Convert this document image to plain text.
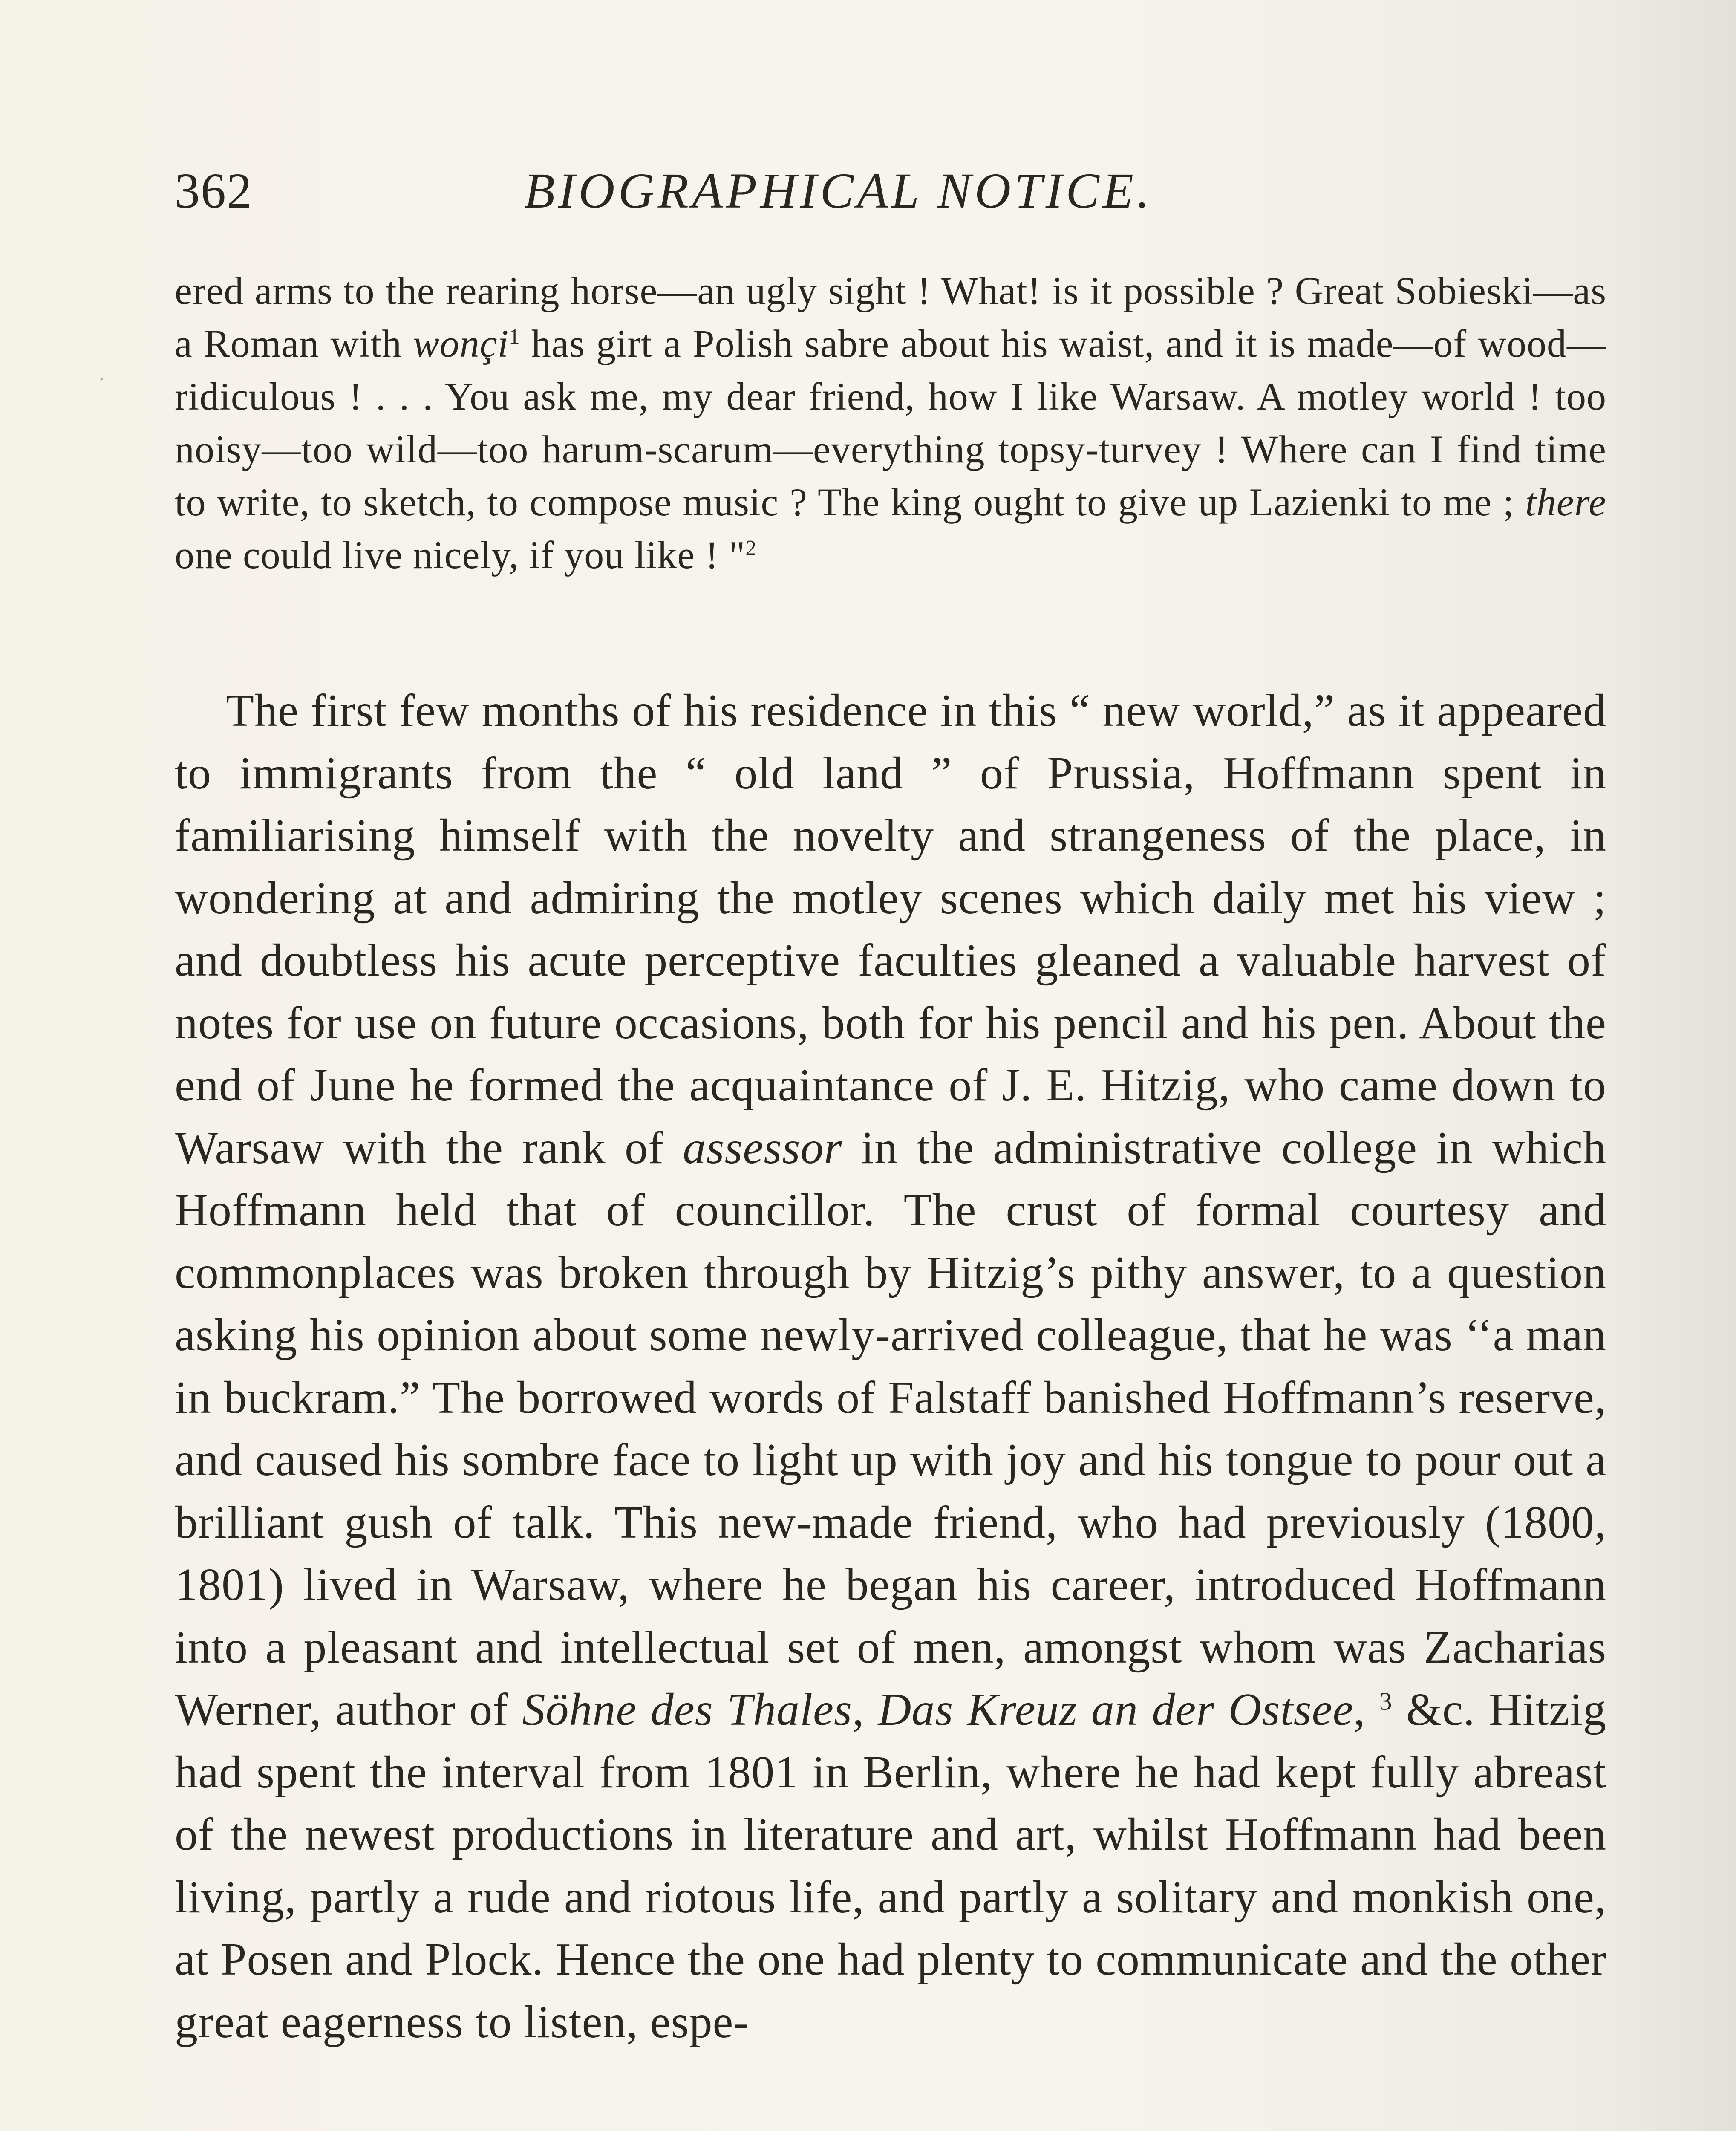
362	BIOGRAPHICAL NOTICE.
·

ered arms to the rearing horse—an ugly sight ! What! is it possible ? Great Sobieski—as a Roman with wonçi$^1$ has girt a Polish sabre about his waist, and it is made—of wood—ridiculous ! . . . You ask me, my dear friend, how I like Warsaw. A motley world ! too noisy—too wild—too harum-scarum—everything topsy-turvey ! Where can I find time to write, to sketch, to compose music ? The king ought to give up Lazienki to me ; there one could live nicely, if you like ! "$^2$

The first few months of his residence in this “ new world,” as it appeared to immigrants from the “ old land ” of Prussia, Hoffmann spent in familiarising himself with the novelty and strangeness of the place, in wondering at and admiring the motley scenes which daily met his view ; and doubtless his acute perceptive faculties gleaned a valuable harvest of notes for use on future occasions, both for his pencil and his pen. About the end of June he formed the acquaintance of J. E. Hitzig, who came down to Warsaw with the rank of assessor in the administrative college in which Hoffmann held that of councillor. The crust of formal courtesy and commonplaces was broken through by Hitzig’s pithy answer, to a question asking his opinion about some newly-arrived colleague, that he was ‘‘a man in buckram.” The borrowed words of Falstaff banished Hoffmann’s reserve, and caused his sombre face to light up with joy and his tongue to pour out a brilliant gush of talk. This new-made friend, who had previously (1800, 1801) lived in Warsaw, where he began his career, introduced Hoffmann into a pleasant and intellectual set of men, amongst whom was Zacharias Werner, author of Söhne des Thales, Das Kreuz an der Ostsee, $^3$ &c. Hitzig had spent the interval from 1801 in Berlin, where he had kept fully abreast of the newest productions in literature and art, whilst Hoffmann had been living, partly a rude and riotous life, and partly a solitary and monkish one, at Posen and Plock. Hence the one had plenty to communicate and the other great eagerness to listen, espe-
